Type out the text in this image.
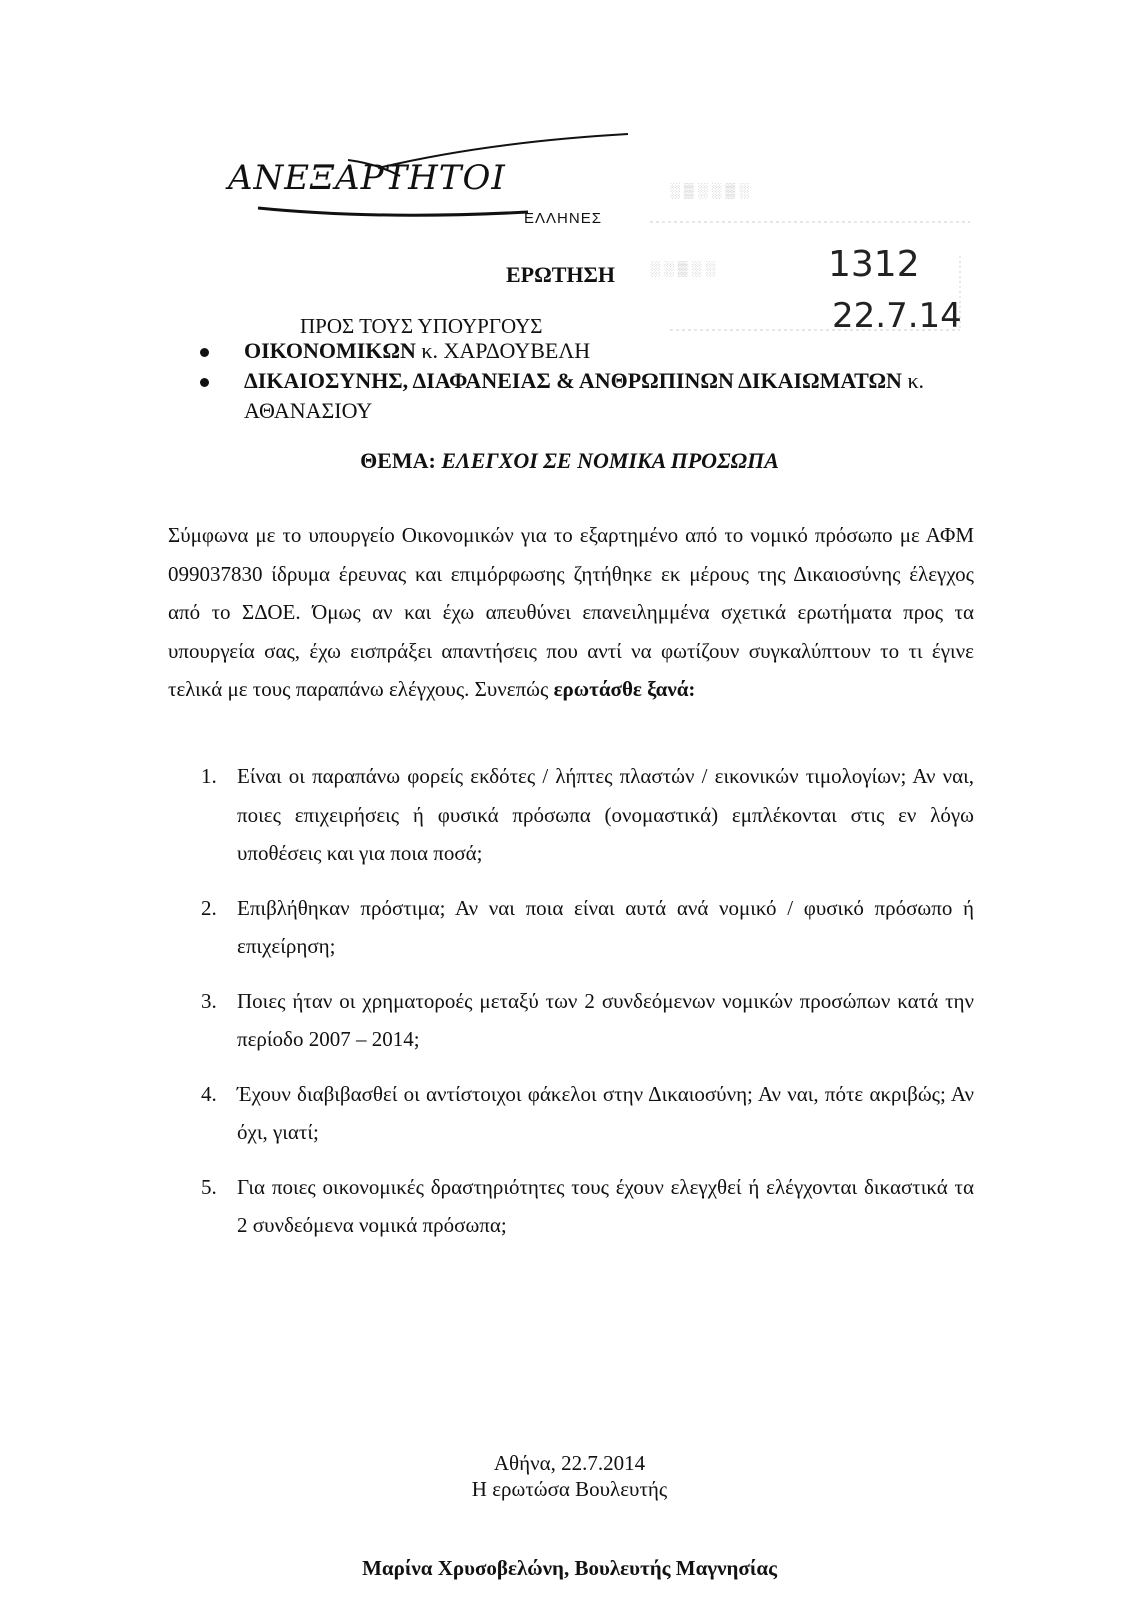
ΑΝΕΞΑΡΤΗΤΟΙ
ΕΛΛΗΝΕΣ
░ ▒ ░ ░ ▒ ░
░ ░ ▒ ░ ░	1312
22.7.14
ΕΡΩΤΗΣΗ
ΠΡΟΣ ΤΟΥΣ ΥΠΟΥΡΓΟΥΣ
ΟΙΚΟΝΟΜΙΚΩΝ κ. ΧΑΡΔΟΥΒΕΛΗ
ΔΙΚΑΙΟΣΥΝΗΣ, ΔΙΑΦΑΝΕΙΑΣ & ΑΝΘΡΩΠΙΝΩΝ ΔΙΚΑΙΩΜΑΤΩΝ κ. ΑΘΑΝΑΣΙΟΥ
ΘΕΜΑ: ΕΛΕΓΧΟΙ ΣΕ ΝΟΜΙΚΑ ΠΡΟΣΩΠΑ
Σύμφωνα με το υπουργείο Οικονομικών για το εξαρτημένο από το νομικό πρόσωπο με ΑΦΜ 099037830 ίδρυμα έρευνας και επιμόρφωσης ζητήθηκε εκ μέρους της Δικαιοσύνης έλεγχος από το ΣΔΟΕ. Όμως αν και έχω απευθύνει επανειλημμένα σχετικά ερωτήματα προς τα υπουργεία σας, έχω εισπράξει απαντήσεις που αντί να φωτίζουν συγκαλύπτουν το τι έγινε τελικά με τους παραπάνω ελέγχους. Συνεπώς ερωτάσθε ξανά:
1. Είναι οι παραπάνω φορείς εκδότες / λήπτες πλαστών / εικονικών τιμολογίων; Αν ναι, ποιες επιχειρήσεις ή φυσικά πρόσωπα (ονομαστικά) εμπλέκονται στις εν λόγω υποθέσεις και για ποια ποσά;
2. Επιβλήθηκαν πρόστιμα; Αν ναι ποια είναι αυτά ανά νομικό / φυσικό πρόσωπο ή επιχείρηση;
3. Ποιες ήταν οι χρηματοροές μεταξύ των 2 συνδεόμενων νομικών προσώπων κατά την περίοδο 2007 – 2014;
4. Έχουν διαβιβασθεί οι αντίστοιχοι φάκελοι στην Δικαιοσύνη; Αν ναι, πότε ακριβώς; Αν όχι, γιατί;
5. Για ποιες οικονομικές δραστηριότητες τους έχουν ελεγχθεί ή ελέγχονται δικαστικά τα 2 συνδεόμενα νομικά πρόσωπα;
Αθήνα, 22.7.2014
Η ερωτώσα Βουλευτής
Μαρίνα Χρυσοβελώνη, Βουλευτής Μαγνησίας
